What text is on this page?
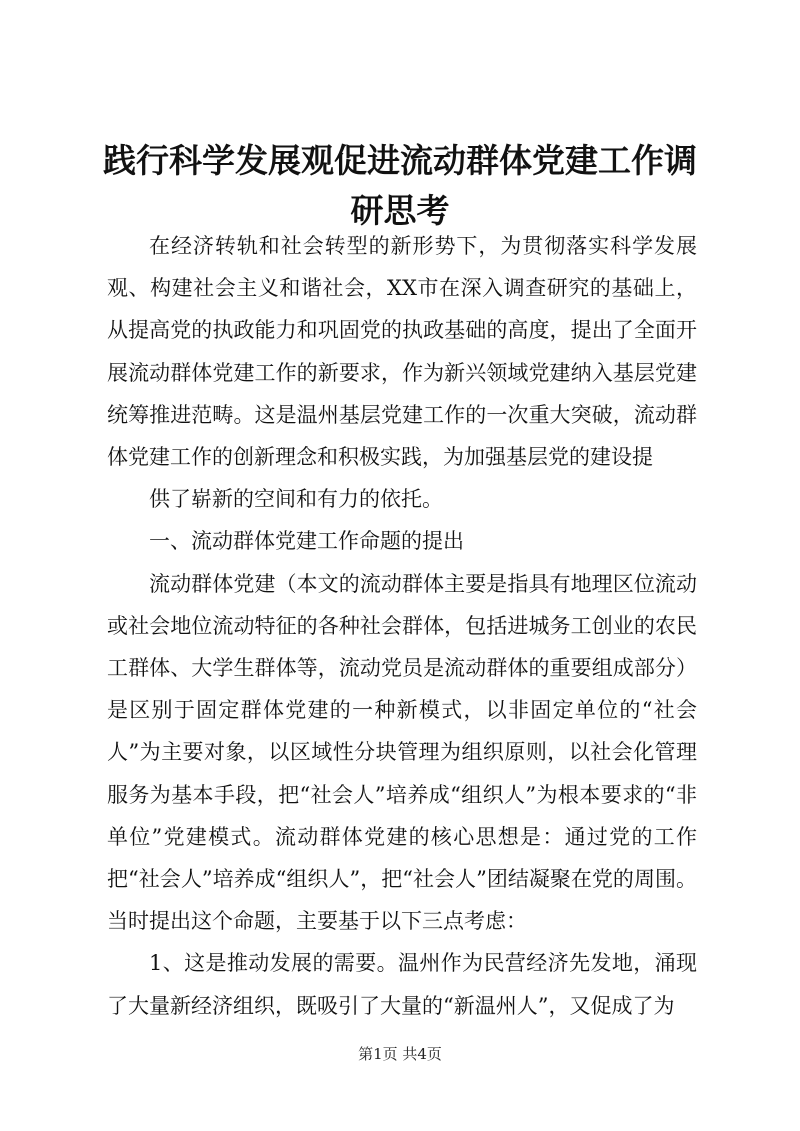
践行科学发展观促进流动群体党建工作调研思考

在经济转轨和社会转型的新形势下，为贯彻落实科学发展观、构建社会主义和谐社会，XX市在深入调查研究的基础上，从提高党的执政能力和巩固党的执政基础的高度，提出了全面开展流动群体党建工作的新要求，作为新兴领域党建纳入基层党建统筹推进范畴。这是温州基层党建工作的一次重大突破，流动群体党建工作的创新理念和积极实践，为加强基层党的建设提

供了崭新的空间和有力的依托。

一、流动群体党建工作命题的提出

流动群体党建（本文的流动群体主要是指具有地理区位流动或社会地位流动特征的各种社会群体，包括进城务工创业的农民工群体、大学生群体等，流动党员是流动群体的重要组成部分）是区别于固定群体党建的一种新模式，以非固定单位的“社会人”为主要对象，以区域性分块管理为组织原则，以社会化管理服务为基本手段，把“社会人”培养成“组织人”为根本要求的“非单位”党建模式。流动群体党建的核心思想是：通过党的工作把“社会人”培养成“组织人”，把“社会人”团结凝聚在党的周围。当时提出这个命题，主要基于以下三点考虑：

1、这是推动发展的需要。温州作为民营经济先发地，涌现了大量新经济组织，既吸引了大量的“新温州人”，又促成了为

第1页 共4页
